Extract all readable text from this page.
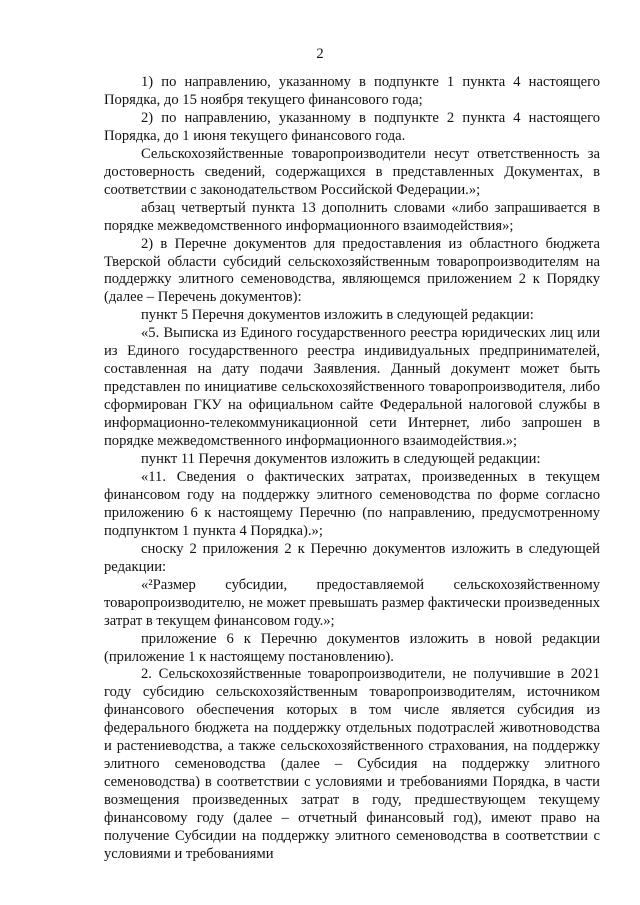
2

1) по направлению, указанному в подпункте 1 пункта 4 настоящего Порядка, до 15 ноября текущего финансового года;

2) по направлению, указанному в подпункте 2 пункта 4 настоящего Порядка, до 1 июня текущего финансового года.

Сельскохозяйственные товаропроизводители несут ответственность за достоверность сведений, содержащихся в представленных Документах, в соответствии с законодательством Российской Федерации.»;

абзац четвертый пункта 13 дополнить словами «либо запрашивается в порядке межведомственного информационного взаимодействия»;

2) в Перечне документов для предоставления из областного бюджета Тверской области субсидий сельскохозяйственным товаропроизводителям на поддержку элитного семеноводства, являющемся приложением 2 к Порядку (далее – Перечень документов):

пункт 5 Перечня документов изложить в следующей редакции:

«5. Выписка из Единого государственного реестра юридических лиц или из Единого государственного реестра индивидуальных предпринимателей, составленная на дату подачи Заявления. Данный документ может быть представлен по инициативе сельскохозяйственного товаропроизводителя, либо сформирован ГКУ на официальном сайте Федеральной налоговой службы в информационно-телекоммуникационной сети Интернет, либо запрошен в порядке межведомственного информационного взаимодействия.»;

пункт 11 Перечня документов изложить в следующей редакции:

«11. Сведения о фактических затратах, произведенных в текущем финансовом году на поддержку элитного семеноводства по форме согласно приложению 6 к настоящему Перечню (по направлению, предусмотренному подпунктом 1 пункта 4 Порядка).»;

сноску 2 приложения 2 к Перечню документов изложить в следующей редакции:

«²Размер субсидии, предоставляемой сельскохозяйственному товаропроизводителю, не может превышать размер фактически произведенных затрат в текущем финансовом году.»;

приложение 6 к Перечню документов изложить в новой редакции (приложение 1 к настоящему постановлению).

2. Сельскохозяйственные товаропроизводители, не получившие в 2021 году субсидию сельскохозяйственным товаропроизводителям, источником финансового обеспечения которых в том числе является субсидия из федерального бюджета на поддержку отдельных подотраслей животноводства и растениеводства, а также сельскохозяйственного страхования, на поддержку элитного семеноводства (далее – Субсидия на поддержку элитного семеноводства) в соответствии с условиями и требованиями Порядка, в части возмещения произведенных затрат в году, предшествующем текущему финансовому году (далее – отчетный финансовый год), имеют право на получение Субсидии на поддержку элитного семеноводства в соответствии с условиями и требованиями
